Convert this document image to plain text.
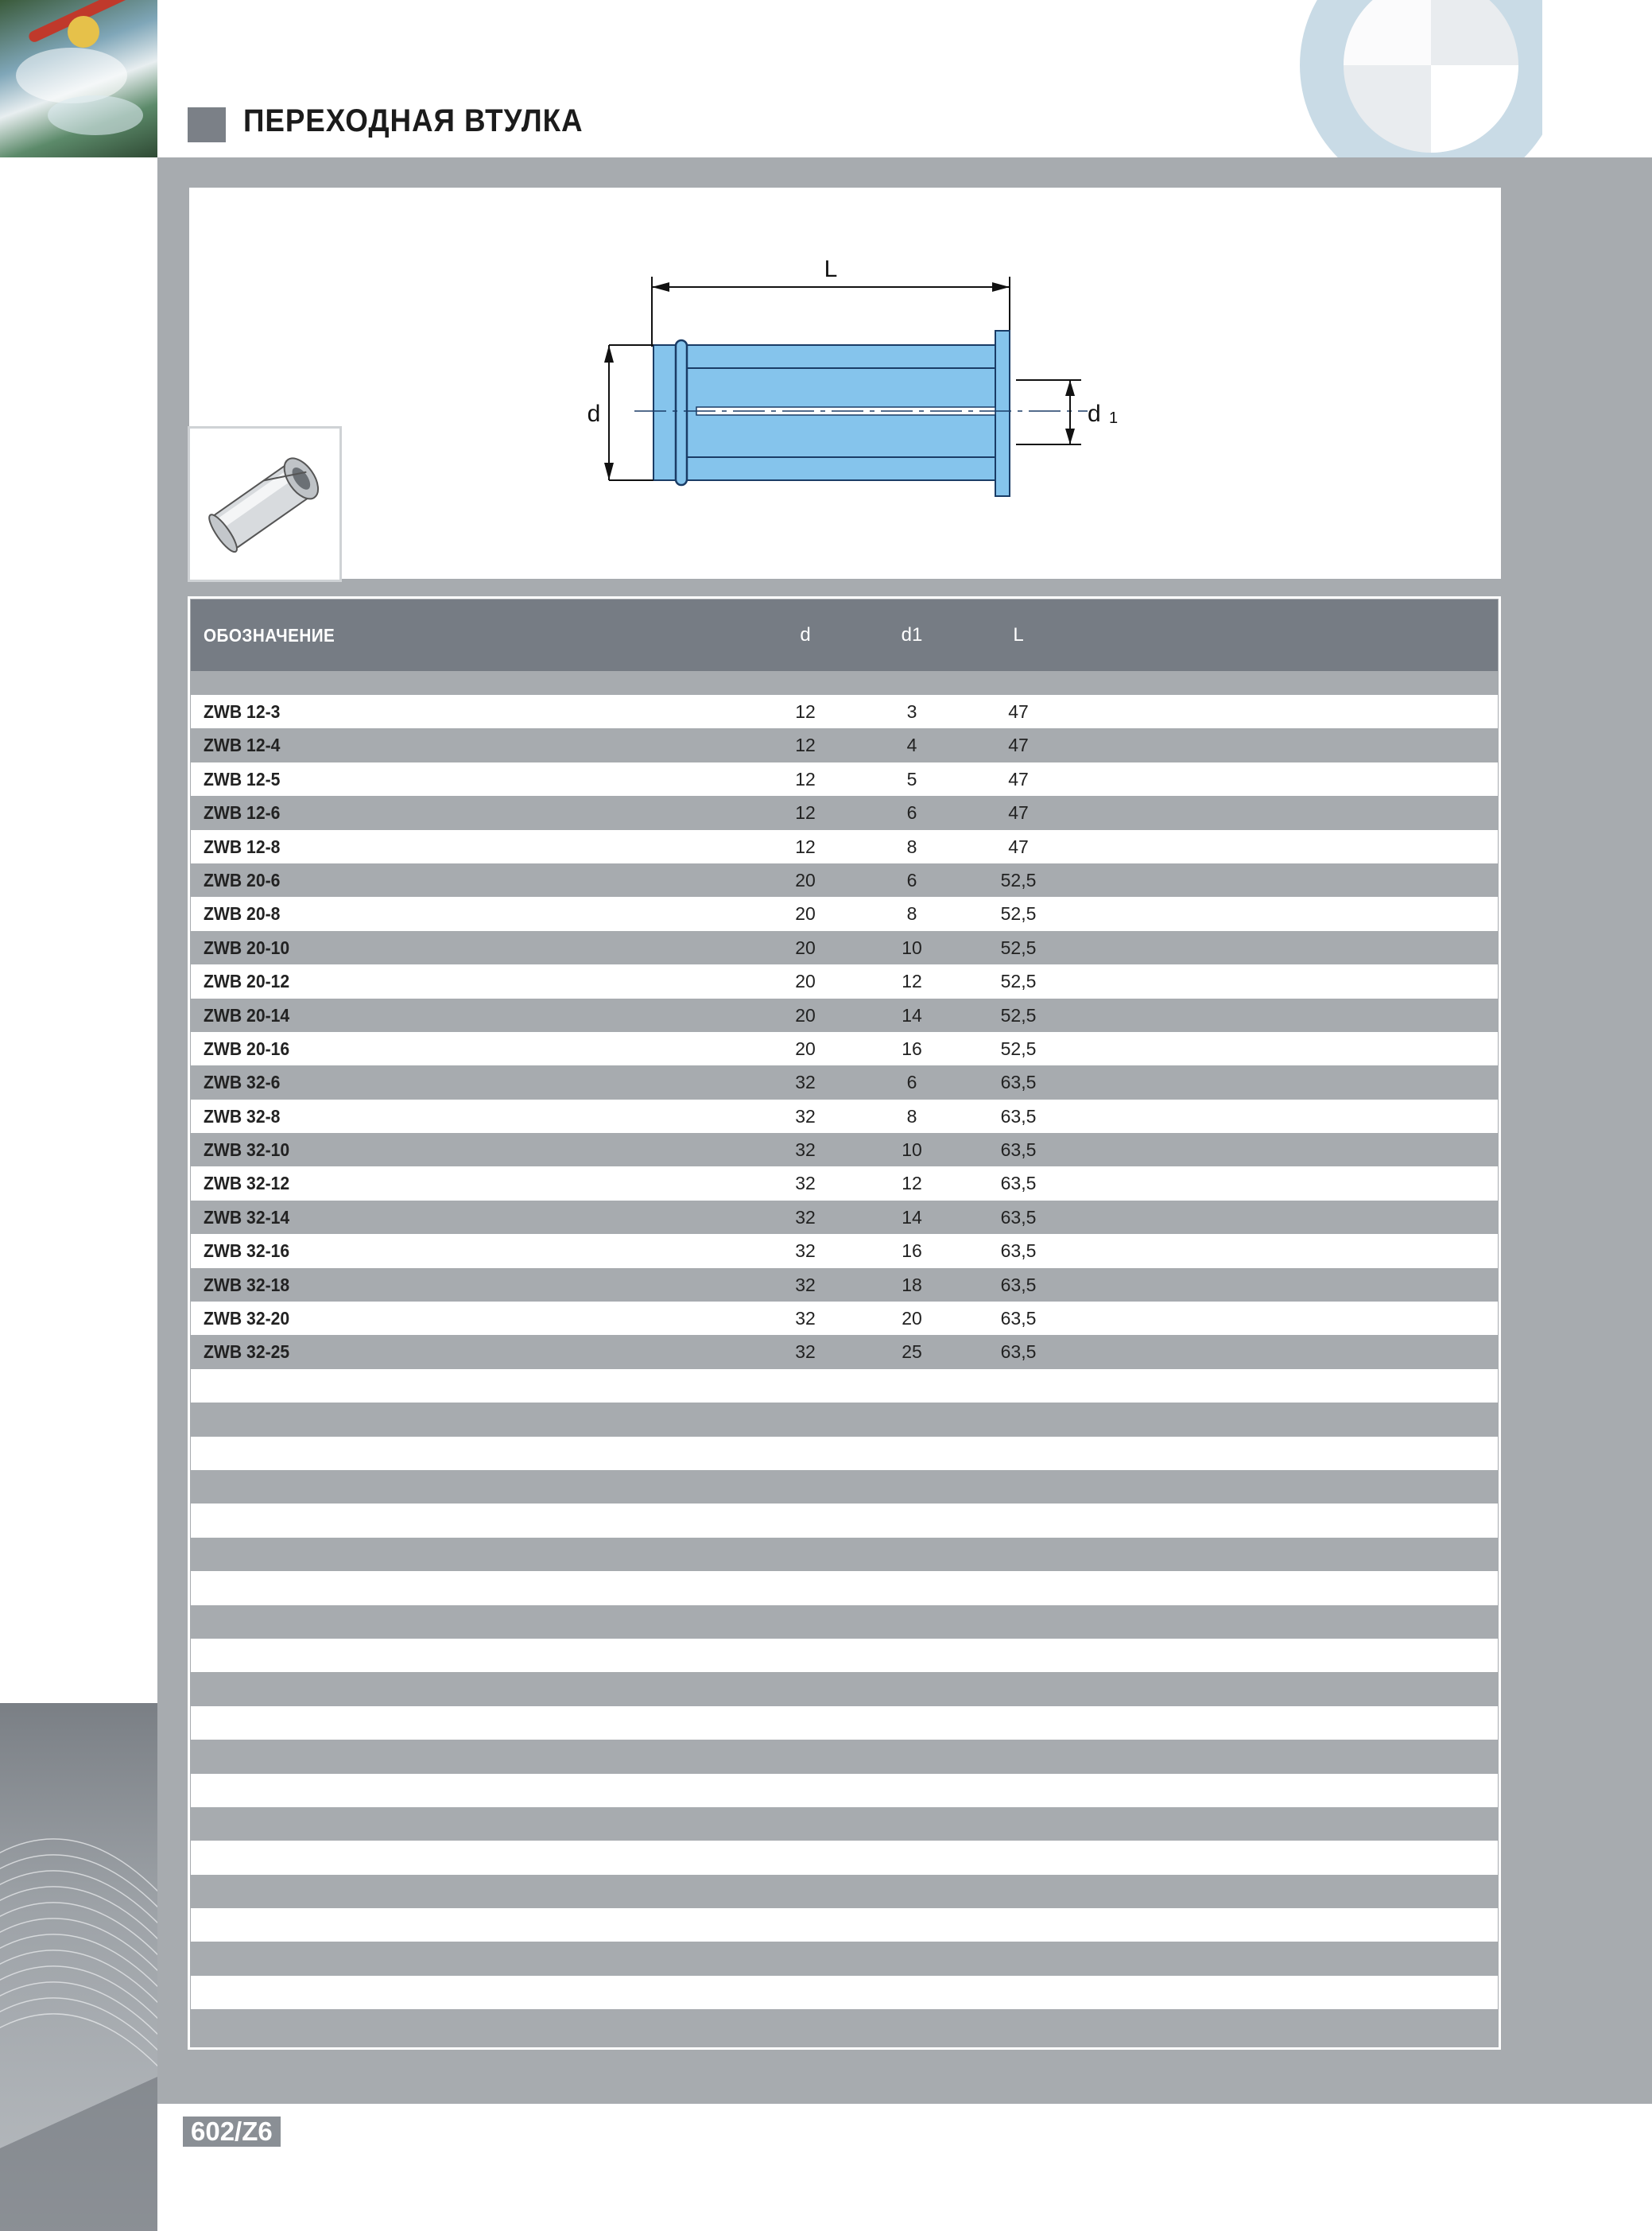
ПЕРЕХОДНАЯ ВТУЛКА
L
d	d 1
ОБОЗНАЧЕНИЕ	d	d1	L
ZWB 12-3	12	3	47
ZWB 12-4	12	4	47
ZWB 12-5	12	5	47
ZWB 12-6	12	6	47
ZWB 12-8	12	8	47
ZWB 20-6	20	6	52,5
ZWB 20-8	20	8	52,5
ZWB 20-10	20	10	52,5
ZWB 20-12	20	12	52,5
ZWB 20-14	20	14	52,5
ZWB 20-16	20	16	52,5
ZWB 32-6	32	6	63,5
ZWB 32-8	32	8	63,5
ZWB 32-10	32	10	63,5
ZWB 32-12	32	12	63,5
ZWB 32-14	32	14	63,5
ZWB 32-16	32	16	63,5
ZWB 32-18	32	18	63,5
ZWB 32-20	32	20	63,5
ZWB 32-25	32	25	63,5
602/Z6
